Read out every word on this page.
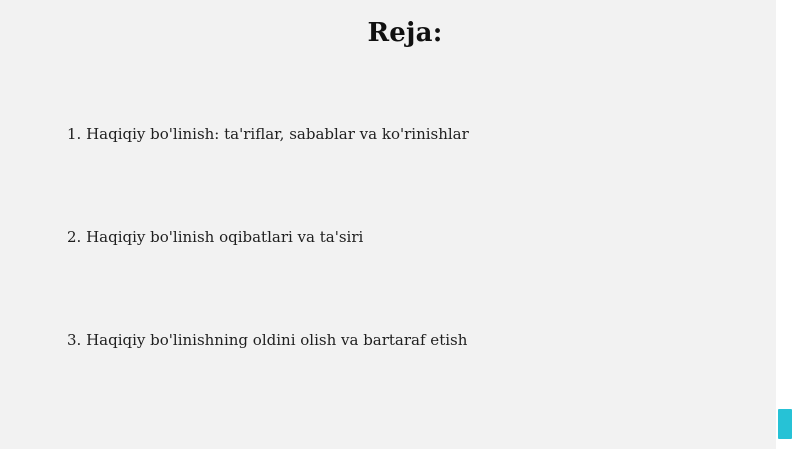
Reja:
1. Haqiqiy bo'linish: ta'riflar, sabablar va ko'rinishlar
2. Haqiqiy bo'linish oqibatlari va ta'siri
3. Haqiqiy bo'linishning oldini olish va bartaraf etish
